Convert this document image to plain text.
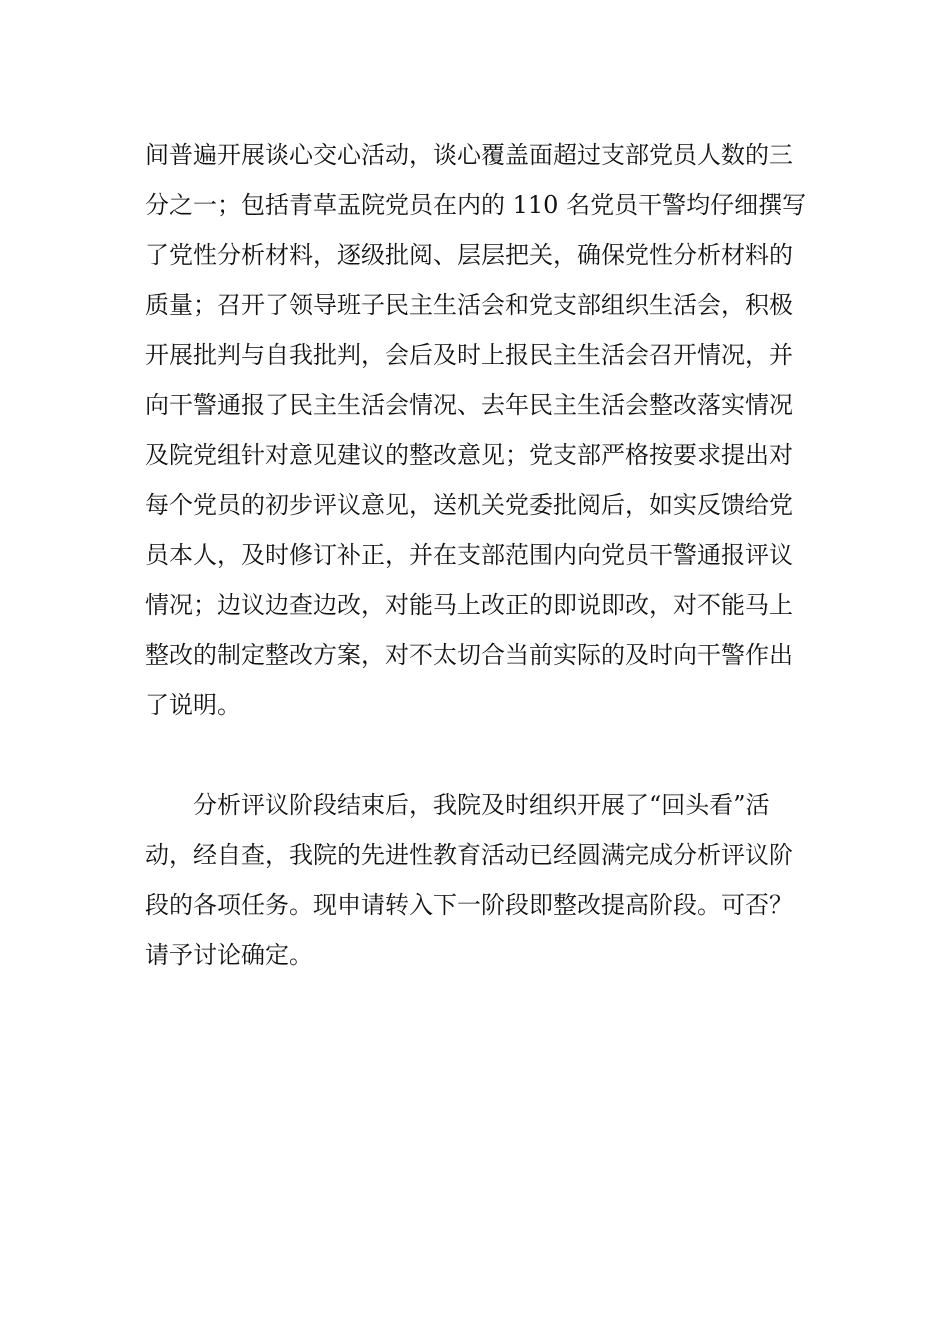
间普遍开展谈心交心活动，谈心覆盖面超过支部党员人数的三
分之一；包括青草盂院党员在内的 110 名党员干警均仔细撰写
了党性分析材料，逐级批阅、层层把关，确保党性分析材料的
质量；召开了领导班子民主生活会和党支部组织生活会，积极
开展批判与自我批判，会后及时上报民主生活会召开情况，并
向干警通报了民主生活会情况、去年民主生活会整改落实情况
及院党组针对意见建议的整改意见；党支部严格按要求提出对
每个党员的初步评议意见，送机关党委批阅后，如实反馈给党
员本人，及时修订补正，并在支部范围内向党员干警通报评议
情况；边议边查边改，对能马上改正的即说即改，对不能马上
整改的制定整改方案，对不太切合当前实际的及时向干警作出
了说明。
　　分析评议阶段结束后，我院及时组织开展了“回头看”活
动，经自查，我院的先进性教育活动已经圆满完成分析评议阶
段的各项任务。现申请转入下一阶段即整改提高阶段。可否？
请予讨论确定。
